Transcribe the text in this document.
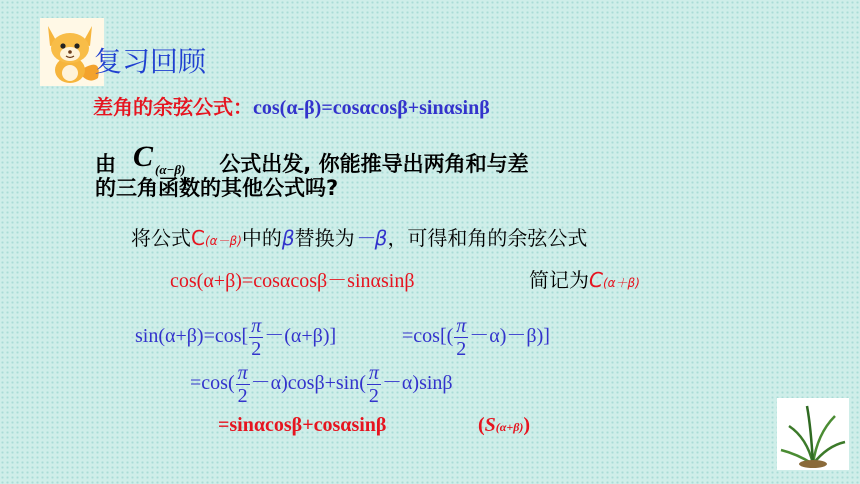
复习回顾
差角的余弦公式：cos(α-β)=cosαcosβ+sinαsinβ
由	公式出发, 你能推导出两角和与差
C (α−β)
的三角函数的其他公式吗?
将公式C(α－β)中的β替换为－β，可得和角的余弦公式
cos(α+β)=cosαcosβ－sinαsinβ	简记为C(α＋β)
$\sin(\alpha+\beta)=\cos[ \frac{\pi}{2} -(\alpha+\beta)]$	$=\cos[( \frac{\pi}{2} -\alpha)-\beta)$]
$=\cos( \frac{\pi}{2} -\alpha)\cos\beta+\sin( \frac{\pi}{2} -\alpha)\sin\beta$
=sinαcosβ+cosαsinβ	(S(α+β))
